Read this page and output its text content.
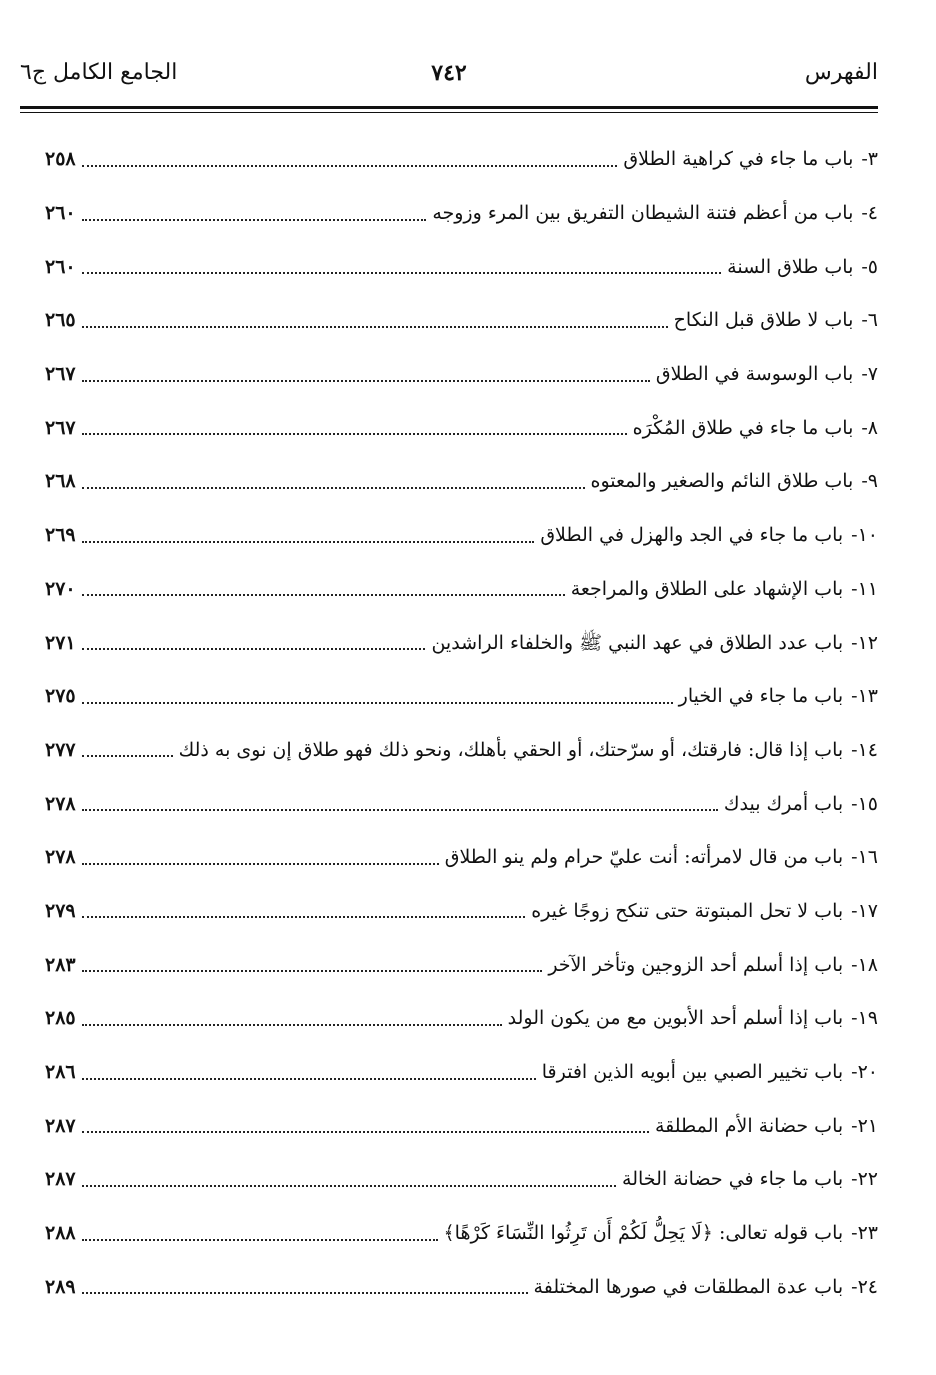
الفهرس
٧٤٢
الجامع الكامل ج٦
٣-
باب ما جاء في كراهية الطلاق
٢٥٨
٤-
باب من أعظم فتنة الشيطان التفريق بين المرء وزوجه
٢٦٠
٥-
باب طلاق السنة
٢٦٠
٦-
باب لا طلاق قبل النكاح
٢٦٥
٧-
باب الوسوسة في الطلاق
٢٦٧
٨-
باب ما جاء في طلاق المُكْرَه
٢٦٧
٩-
باب طلاق النائم والصغير والمعتوه
٢٦٨
١٠-
باب ما جاء في الجد والهزل في الطلاق
٢٦٩
١١-
باب الإشهاد على الطلاق والمراجعة
٢٧٠
١٢-
باب عدد الطلاق في عهد النبي ﷺ والخلفاء الراشدين
٢٧١
١٣-
باب ما جاء في الخيار
٢٧٥
١٤-
باب إذا قال: فارقتك، أو سرّحتك، أو الحقي بأهلك، ونحو ذلك فهو طلاق إن نوى به ذلك
٢٧٧
١٥-
باب أمرك بيدك
٢٧٨
١٦-
باب من قال لامرأته: أنت عليّ حرام ولم ينو الطلاق
٢٧٨
١٧-
باب لا تحل المبتوتة حتى تنكح زوجًا غيره
٢٧٩
١٨-
باب إذا أسلم أحد الزوجين وتأخر الآخر
٢٨٣
١٩-
باب إذا أسلم أحد الأبوين مع من يكون الولد
٢٨٥
٢٠-
باب تخيير الصبي بين أبويه الذين افترقا
٢٨٦
٢١-
باب حضانة الأم المطلقة
٢٨٧
٢٢-
باب ما جاء في حضانة الخالة
٢٨٧
٢٣-
باب قوله تعالى: ﴿لَا يَحِلُّ لَكُمْ أَن تَرِثُوا النِّسَاءَ كَرْهًا﴾
٢٨٨
٢٤-
باب عدة المطلقات في صورها المختلفة
٢٨٩
